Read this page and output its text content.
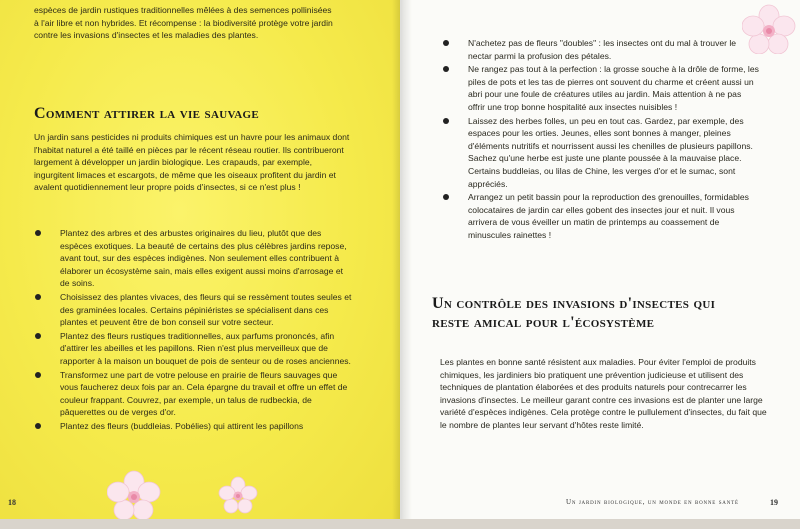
espèces de jardin rustiques traditionnelles mêlées à des semences pollinisées à l'air libre et non hybrides. Et récompense : la biodiversité protège votre jardin contre les invasions d'insectes et les maladies des plantes.

Comment attirer la vie sauvage

Un jardin sans pesticides ni produits chimiques est un havre pour les animaux dont l'habitat naturel a été taillé en pièces par le récent réseau routier. Ils contribueront largement à développer un jardin biologique. Les crapauds, par exemple, ingurgitent limaces et escargots, de même que les oiseaux profitent du jardin et avalent quotidiennement leur propre poids d'insectes, si ce n'est plus !

Plantez des arbres et des arbustes originaires du lieu, plutôt que des espèces exotiques. La beauté de certains des plus célèbres jardins repose, avant tout, sur des espèces indigènes. Non seulement elles contribuent à élaborer un écosystème sain, mais elles exigent aussi moins d'arrosage et de soins.
Choisissez des plantes vivaces, des fleurs qui se ressèment toutes seules et des graminées locales. Certains pépiniéristes se spécialisent dans ces plantes et peuvent être de bon conseil sur votre secteur.
Plantez des fleurs rustiques traditionnelles, aux parfums prononcés, afin d'attirer les abeilles et les papillons. Rien n'est plus merveilleux que de rapporter à la maison un bouquet de pois de senteur ou de roses anciennes.
Transformez une part de votre pelouse en prairie de fleurs sauvages que vous faucherez deux fois par an. Cela épargne du travail et offre un effet de couleur frappant. Couvrez, par exemple, un talus de rudbeckia, de pâquerettes ou de verges d'or.
Plantez des fleurs (buddleias. Pobélies) qui attirent les papillons
18
N'achetez pas de fleurs "doubles" : les insectes ont du mal à trouver le nectar parmi la profusion des pétales.
Ne rangez pas tout à la perfection : la grosse souche à la drôle de forme, les piles de pots et les tas de pierres ont souvent du charme et créent aussi un abri pour une foule de créatures utiles au jardin. Mais attention à ne pas offrir une trop bonne hospitalité aux insectes nuisibles !
Laissez des herbes folles, un peu en tout cas. Gardez, par exemple, des espaces pour les orties. Jeunes, elles sont bonnes à manger, pleines d'éléments nutritifs et nourrissent aussi les chenilles de plusieurs papillons. Sachez qu'une herbe est juste une plante poussée à la mauvaise place. Certains buddleias, ou lilas de Chine, les verges d'or et le sumac, sont appréciés.
Arrangez un petit bassin pour la reproduction des grenouilles, formidables colocataires de jardin car elles gobent des insectes jour et nuit. Il vous arrivera de vous éveiller un matin de printemps au coassement de minuscules rainettes !
Un contrôle des invasions d'insectes qui reste amical pour l'écosystème

Les plantes en bonne santé résistent aux maladies. Pour éviter l'emploi de produits chimiques, les jardiniers bio pratiquent une prévention judicieuse et utilisent des techniques de plantation élaborées et des produits naturels pour contrecarrer les invasions d'insectes. Le meilleur garant contre ces invasions est de planter une large variété d'espèces indigènes. Cela protège contre le pullulement d'insectes, du fait que le nombre de plantes leur servant d'hôtes reste limité.

Un jardin biologique, un monde en bonne santé	19
